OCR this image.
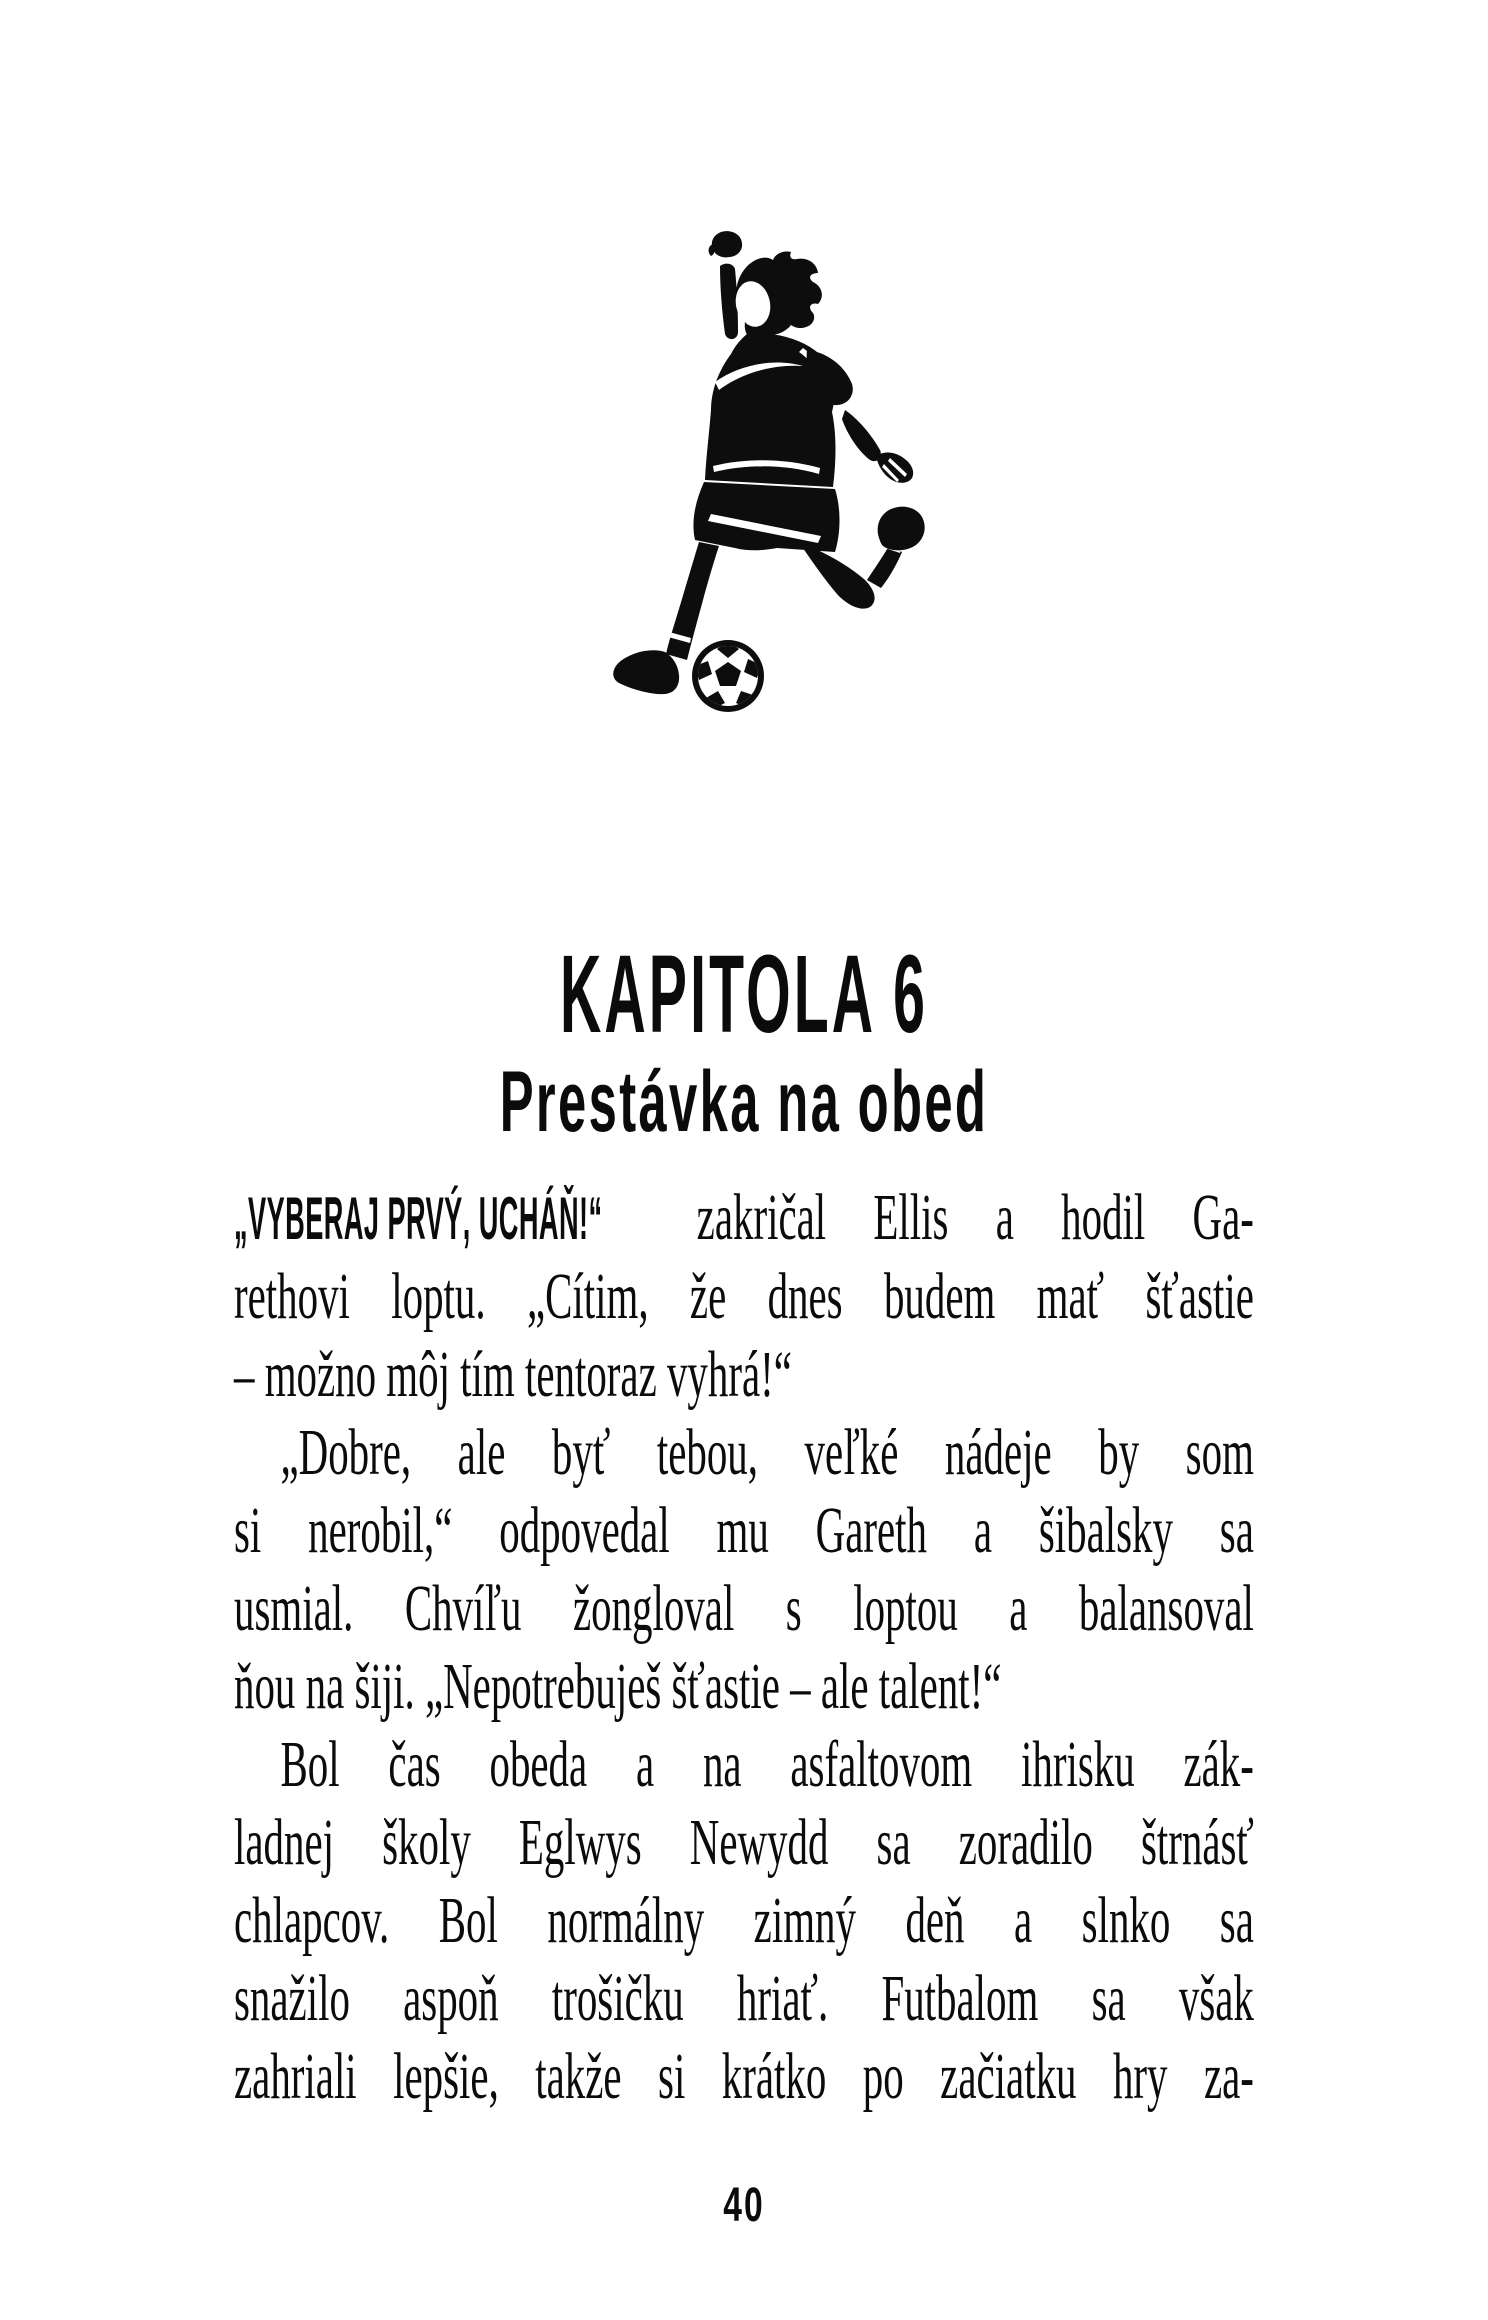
KAPITOLA 6
Prestávka na obed
„VYBERAJ PRVÝ, UCHÁŇ!“ zakričal Ellis a hodil Ga-
rethovi loptu. „Cítim, že dnes budem mať šťastie
– možno môj tím tentoraz vyhrá!“
„Dobre, ale byť tebou, veľké nádeje by som
si nerobil,“ odpovedal mu Gareth a šibalsky sa
usmial. Chvíľu žongloval s loptou a balansoval
ňou na šiji. „Nepotrebuješ šťastie – ale talent!“
Bol čas obeda a na asfaltovom ihrisku zák-
ladnej školy Eglwys Newydd sa zoradilo štrnásť
chlapcov. Bol normálny zimný deň a slnko sa
snažilo aspoň trošičku hriať. Futbalom sa však
zahriali lepšie, takže si krátko po začiatku hry za-
40
